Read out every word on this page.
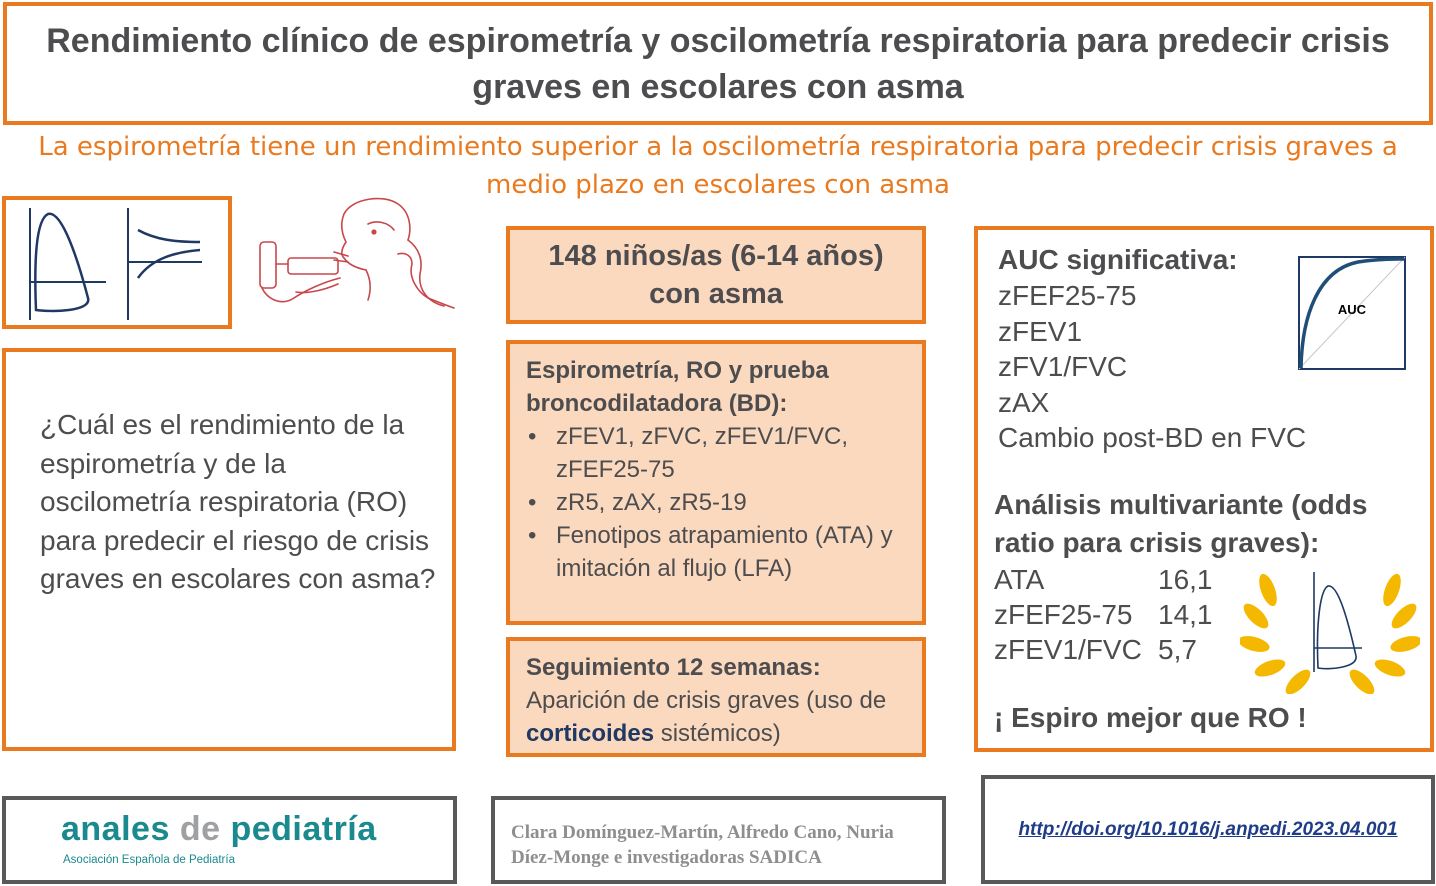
Rendimiento clínico de espirometría y oscilometría respiratoria para predecir crisis graves en escolares con asma
La espirometría tiene un rendimiento superior a la oscilometría respiratoria para predecir crisis graves a medio plazo en escolares con asma
¿Cuál es el rendimiento de la espirometría y de la oscilometría respiratoria (RO) para predecir el riesgo de crisis graves en escolares con asma?
148 niños/as (6-14 años)
con asma
Espirometría, RO y prueba broncodilatadora (BD):
• zFEV1, zFVC, zFEV1/FVC, zFEF25-75
• zR5, zAX, zR5-19
• Fenotipos atrapamiento (ATA) y imitación al flujo (LFA)
Seguimiento 12 semanas:
Aparición de crisis graves (uso de corticoides sistémicos)
AUC significativa:
zFEF25-75
zFEV1
zFV1/FVC
zAX
Cambio post-BD en FVC
AUC
Análisis multivariante (odds ratio para crisis graves):
ATA	16,1
zFEF25-75 14,1
zFEV1/FVC 5,7
¡ Espiro mejor que RO !
anales de pediatría
Asociación Española de Pediatría
Clara Domínguez-Martín, Alfredo Cano, Nuria Díez-Monge e investigadoras SADICA
http://doi.org/10.1016/j.anpedi.2023.04.001
